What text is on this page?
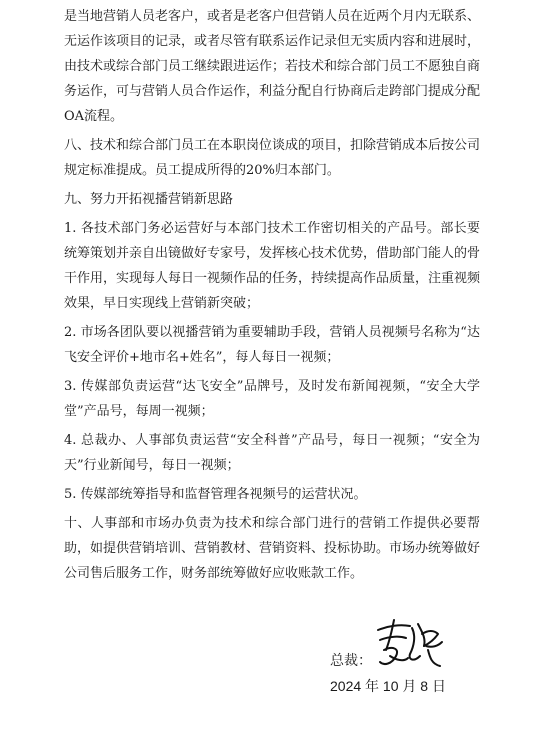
是当地营销人员老客户，或者是老客户但营销人员在近两个月内无联系、无运作该项目的记录，或者尽管有联系运作记录但无实质内容和进展时，由技术或综合部门员工继续跟进运作；若技术和综合部门员工不愿独自商务运作，可与营销人员合作运作，利益分配自行协商后走跨部门提成分配OA流程。

八、技术和综合部门员工在本职岗位谈成的项目，扣除营销成本后按公司规定标准提成。员工提成所得的20%归本部门。

九、努力开拓视播营销新思路

1. 各技术部门务必运营好与本部门技术工作密切相关的产品号。部长要统筹策划并亲自出镜做好专家号，发挥核心技术优势，借助部门能人的骨干作用，实现每人每日一视频作品的任务，持续提高作品质量，注重视频效果，早日实现线上营销新突破；

2. 市场各团队要以视播营销为重要辅助手段，营销人员视频号名称为“达飞安全评价+地市名+姓名”，每人每日一视频；

3. 传媒部负责运营“达飞安全”品牌号，及时发布新闻视频，“安全大学堂”产品号，每周一视频；

4. 总裁办、人事部负责运营“安全科普”产品号，每日一视频；“安全为天”行业新闻号，每日一视频；

5. 传媒部统筹指导和监督管理各视频号的运营状况。

十、人事部和市场办负责为技术和综合部门进行的营销工作提供必要帮助，如提供营销培训、营销教材、营销资料、投标协助。市场办统筹做好公司售后服务工作，财务部统筹做好应收账款工作。

总裁：
2024 年 10 月 8 日
